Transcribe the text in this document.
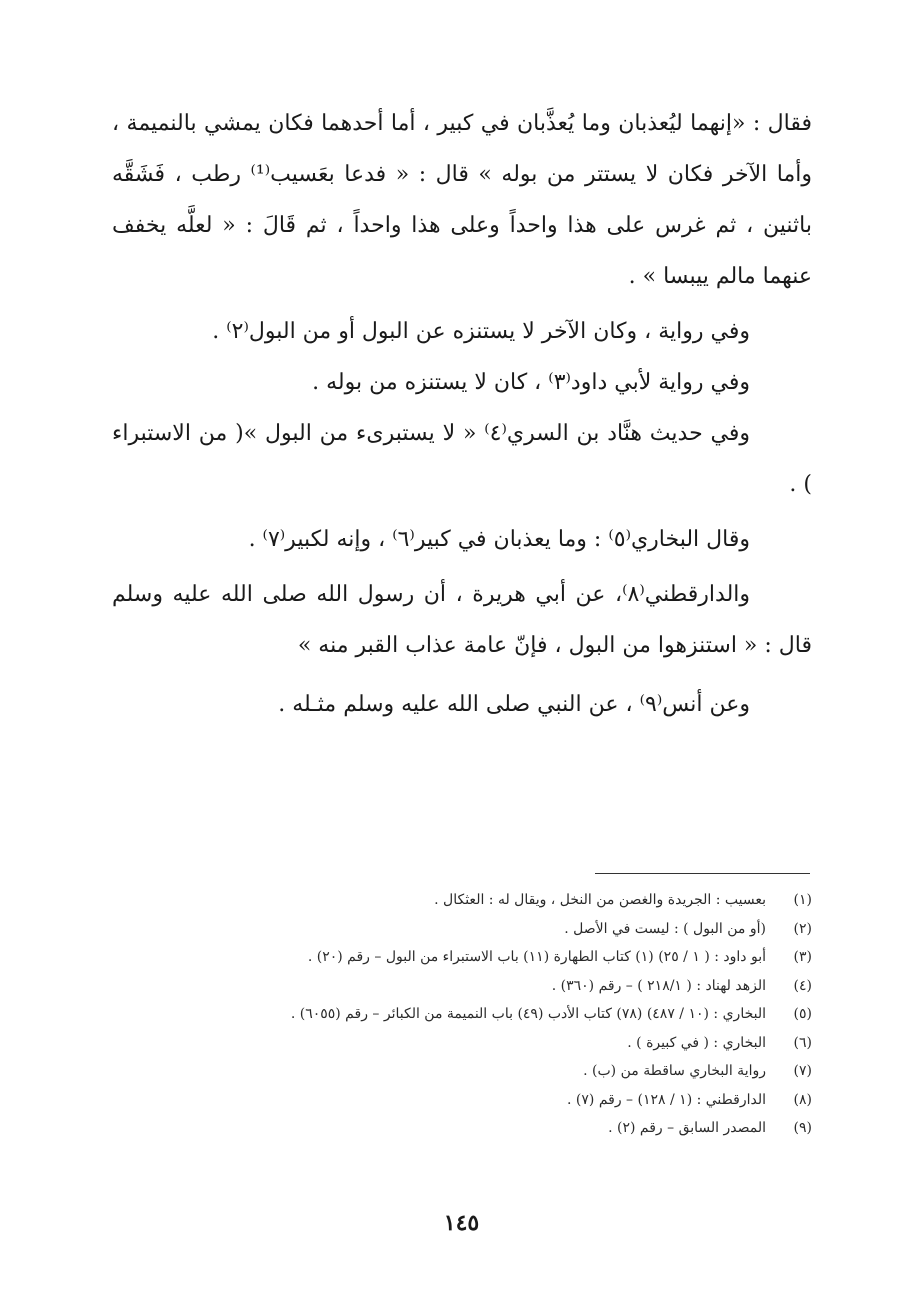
فقال : «إنهما ليُعذبان وما يُعذَّبان في كبير ، أما أحدهما فكان يمشي بالنميمة ، وأما الآخر فكان لا يستتر من بوله » قال : « فدعا بعَسيب⁽¹⁾ رطب ، فَشَقَّه باثنين ، ثم غرس على هذا واحداً وعلى هذا واحداً ، ثم قَالَ : « لعلَّه يخفف عنهما مالم ييبسا » .

وفي رواية ، وكان الآخر لا يستنزه عن البول أو من البول⁽٢⁾ .

وفي رواية لأبي داود⁽٣⁾ ، كان لا يستنزه من بوله .

وفي حديث هنَّاد بن السري⁽٤⁾ « لا يستبرىء من البول »( من الاستبراء ) .

وقال البخاري⁽٥⁾ : وما يعذبان في كبير⁽٦⁾ ، وإنه لكبير⁽٧⁾ .

والدارقطني⁽٨⁾، عن أبي هريرة ، أن رسول الله صلى الله عليه وسلم قال : « استنزهوا من البول ، فإنّ عامة عذاب القبر منه »

وعن أنس⁽٩⁾ ، عن النبي صلى الله عليه وسلم مثـله .

(١)
بعسيب : الجريدة والغصن من النخل ، ويقال له : العثكال .
(٢)
(أو من البول ) : ليست في الأصل .
(٣)
أبو داود : ( ١ / ٢٥) (١) كتاب الطهارة (١١) باب الاستبراء من البول – رقم (٢٠) .
(٤)
الزهد لهناد : ( ٢١٨/١ ) – رقم (٣٦٠) .
(٥)
البخاري : (١٠ / ٤٨٧) (٧٨) كتاب الأدب (٤٩) باب النميمة من الكبائر – رقم (٦٠٥٥) .
(٦)
البخاري : ( في كبيرة ) .
(٧)
رواية البخاري ساقطة من (ب) .
(٨)
الدارقطني : (١ / ١٢٨) – رقم (٧) .
(٩)
المصدر السابق – رقم (٢) .
١٤٥
